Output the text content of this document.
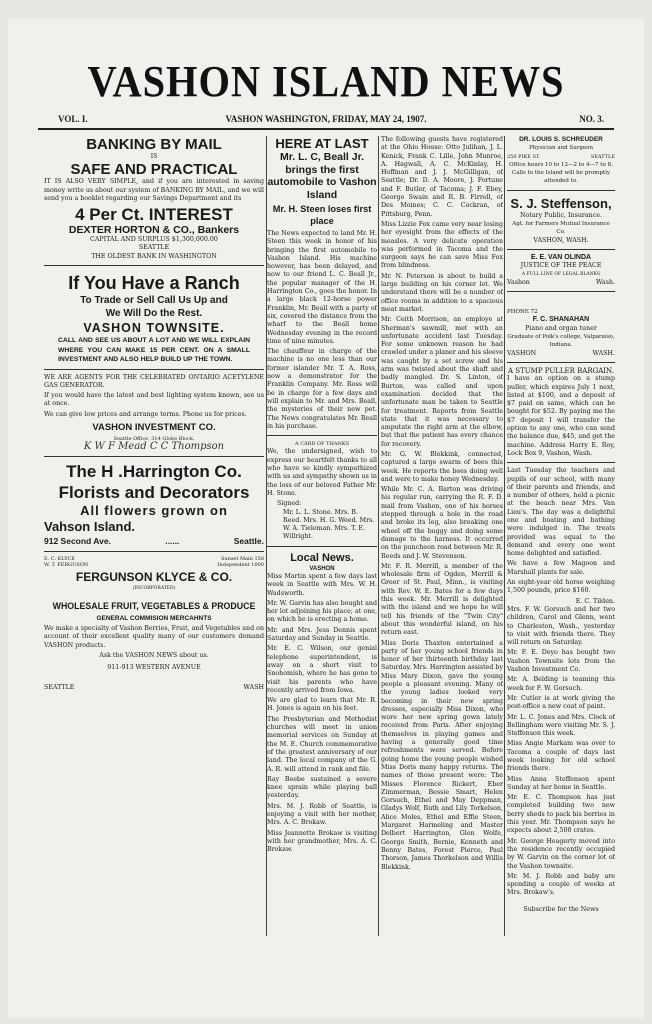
VASHON ISLAND NEWS
VOL. I.	VASHON WASHINGTON, FRIDAY, MAY 24, 1907.	NO. 3.
BANKING BY MAIL
IS
SAFE AND PRACTICAL

IT IS ALSO VERY SIMPLE, and if you are interested in saving money write us about our system of BANKING BY MAIL, and we will send you a booklet regarding our Savings Department and its

4 Per Ct. INTEREST
DEXTER HORTON & CO., Bankers
CAPITAL AND SURPLUS $1,300,000.00
SEATTLE
THE OLDEST BANK IN WASHINGTON
If You Have a Ranch
To Trade or Sell Call Us Up and
We Will Do the Rest.
VASHON TOWNSITE.

CALL AND SEE US ABOUT A LOT AND WE WILL EXPLAIN WHERE YOU CAN MAKE 15 PER CENT. ON A SMALL INVESTMENT AND ALSO HELP BUILD UP THE TOWN.

WE ARE AGENTS FOR THE CELEBRATED ONTARIO ACETYLENE GAS GENERATOR.

If you would have the latest and best lighting system known, see us at once.

We can give low prices and arrange terms. Phone us for prices.

VASHON INVESTMENT CO.
Seattle Office, 314 Globe Block.
K W F Mead C C Thompson
The H .Harrington Co.
Florists and Decorators
All flowers grown on
Vahson Island.
912 Second Ave.	......	Seattle.
E. C. KLYCE
W. T. FERGUSON
Sunset Main 158
Independent 1000
FERGUNSON KLYCE & CO.
(INCORPORATED)
WHOLESALE FRUIT, VEGETABLES & PRODUCE
GENERAL COMMISION MERCAHNTS

We make a specialty of Vashon Berries, Fruit, and Vegetables and on account of their excellent quality many of our customers demand VASHON products.

Ask the VASHON NEWS about us.
911-913 WESTERN AVENUE
SEATTLE	WASH
HERE AT LAST
Mr. L. C, Beall Jr. brings the first automobile to Vashon Island
Mr. H. Steen loses first place

The News expected to land Mr. H. Steen this week in honor of his bringing the first automobile to Vashon Island. His machine however, has been delayed, and now to our friend L. C. Beall Jr., the popular manager of the H. Harrington Co., goes the honor. In a large black 12-horse power Franklin, Mr. Beall with a party of six, covered the distance from the wharf to the Beall home Wednesday evening in the record time of nine minutes.

The chauffeur in charge of the machine is no one less than our former islander Mr. T. A. Ross, now a demonstrator for the Franklin Company. Mr. Ross will be in charge for a few days and will explain to Mr. and Mrs. Beall, the mysteries of their new pet. The News congratulates Mr. Beall in his purchase.

A CARD OF THANKS

We, the undersigned, wish to express our heartfelt thanks to all who have so kindly sympathized with us and sympathy shown us in the loss of our beloved Father Mr. H. Stone.

Signed:
Mr. L. L. Stone. Mrs. B. Reed. Mrs. H. G. Weed. Mrs. W. A. Tieleman. Mrs. T. E. Willright.
Local News.
VASHON

Miss Martin spent a few days last week in Seattle with Mrs. W. H. Wadsworth.

Mr. W. Garvin has also bought and her lot adjoining his place; at one, on which he is erecting a home.

Mr. and Mrs. Jess Dennis spent Saturday and Sunday in Seattle.

Mr. E. C. Wilson, our genial telephone superintendent, is away on a short visit to Snohomish, where he has gone to visit his parents who have recently arrived from Iowa.

We are glad to learn that Mr. R. H. Jones is again on his feet.

The Presbyterian and Methodist churches will meet in union memorial services on Sunday at the M. E. Church commemorative of the greatest anniversary of our land. The local company of the G. A. R. will attend in rank and file.

Ray Beebe sustained a severe knee sprain while playing ball yesterday.

Mrs. M. J. Robb of Seattle, is enjoying a visit with her mother, Mrs. A. C. Brokaw.

Miss Jeannette Brokaw is visiting with her grandmother, Mrs. A. C. Brokaw.

The following guests have registered at the Ohio House: Otto Julihan, J. L. Kenick, Frank C. Lille, John Munroe, A. Hagwall, A. C. McKinlay, H. Hoffman and J. J. McGilligan, of Seattle; Dr. D. A. Moore, J. Fortune and F. Butler, of Tacoma; J. F. Ebey, George Swain and R. B. Firrell, of Des Moines; C. C. Cockran, of Pittsburg, Penn.

Miss Lizzie Fox came very near losing her eyesight from the effects of the measles. A very delicate operation was performed in Tacoma and the surgeon says he can save Miss Fox from blindness.

Mr. N. Peterson is about to build a large building on his corner lot. We understand there will be a number of office rooms in addition to a spacious meat market.

Mr. Ceith Morrison, an employe at Sherman's sawmill, met with an unfortunate accident last Tuesday. For some unknown reason he had crawled under a planer and his sleeve was caught by a set screw and his arm was twisted about the shaft and badly mangled. Dr. S. Linton, of Burton, was called and upon examination decided that the unfortunate man be taken to Seattle for treatment. Reports from Seattle state that it was necessary to amputate the right arm at the elbow, but that the patient has every chance for recovery.

Mr. G. W. Blekkink, connected, captured a large swarm of bees this week. He reports the bees doing well and were to make honey Wednesday.

While Mr. C. A. Barton was driving his regular run, carrying the R. F. D. mail from Vashon, one of his horses stepped through a hole in the road and broke its leg, also breaking one wheel off the buggy and doing some damage to the harness. It occurred on the puncheon road between Mr. R. Reeds and J. W. Stevenson.

Mr. F. R. Merrill, a member of the wholesale firm of Ogden, Merrill & Greer of St. Paul, Minn., is visiting with Rev. W. E. Bates for a few days this week. Mr. Merrill is delighted with the island and we hope he will tell his friends of the "Twin City" about this wonderful island, on his return east.

Miss Doris Thaxton entertained a party of her young school friends in honor of her thirteenth birthday last Saturday. Mrs. Harrington assisted by Miss Mary Dixon, gave the young people a pleasant evening. Many of the young ladies looked very becoming in their new spring dresses, especially Miss Dixon, who wore her new spring gown lately received from Paris. After enjoying themselves in playing games and having a generally good time refreshments were served. Before going home the young people wished Miss Doris many happy returns. The names of those present were: The Misses Florence Rickert, Eber Zimmerman, Bessie Smart, Helen Gorsuch, Ethel and May Deppman, Gladys Wolf, Ruth and Lily Torkelson, Alice Moles, Ethel and Effie Steen, Margaret Harmeling and Master Delbert Harrington, Glen Wolfe, George Smith, Bernie, Kenneth and Benny Bates, Forest Pierce, Paul Thorson, James Thorkelson and Willis Blekkink.

DR. LOUIS S. SCHREUDER
Physician and Surgeon
250 PIKE ST.	SEATTLE
Office hours 10 to 12—2 to 4—7 to 8.
Calls to the Island will be promptly attended to.
S. J. Steffenson,
Notary Public, Insurance.
Agt. for Farmers Mutual Insurance Co.
VASHON, WASH.
E. E. VAN OLINDA
JUSTICE OF THE PEACE
A FULL LINE OF LEGAL BLANKS
Vashon	Wash.
PHONE 72
F. C. SHANAHAN
Piano and organ tuner
Graduate of Polk's college, Valparaiso, Indiana.
VASHON	WASH.
A STUMP PULLER BARGAIN.

I have an option on a stump puller, which expires July 1 next, listed at $100, and a deposit of $7 paid on same, which can be bought for $52. By paying me the $7 deposit I will transfer the option to any one, who can send the balance due, $45, and get the machine. Address Harry E. Roy, Lock Box 9, Vashon, Wash.

Last Tuesday the teachers and pupils of our school, with many of their parents and friends, and a number of others, held a picnic at the beach near Mrs. Van Lieu's. The day was a delightful one and boating and bathing were indulged in. The treats provided was equal to the demand and every one went home delighted and satisfied.

We have a few Magoon and Marshall plants for sale.

An eight-year old horse weighing 1,500 pounds, price $160.

E. C. Tilden.

Mrs. F. W. Gorsuch and her two children, Carol and Glenn, went to Charleston, Wash., yesterday to visit with friends there. They will return on Saturday.

Mr. F. E. Deyo has bought two Vashon Townsite lots from the Vashon Investment Co.

Mr. A. Belding is teaming this week for F. W. Gorsuch.

Mr. Cutler is at work giving the post-office a new coat of paint.

Mr. L. C. Jones and Mrs. Clock of Bellingham were visiting Mr. S. J. Steffenson this week.

Miss Angie Markam was over to Tacoma a couple of days last week looking for old school friends there.

Miss Anna Steffenson spent Sunday at her home in Seattle.

Mr. E. C. Thompson has just completed building two new berry sheds to pack his berries in this year. Mr. Thompson says he expects about 2,500 crates.

Mr. George Heagerty moved into the residence recently occupied by W. Garvin on the corner lot of the Vashon townsite.

Mr. M. J. Robb and baby are spending a couple of weeks at Mrs. Brokaw's.

Subscribe for the News
